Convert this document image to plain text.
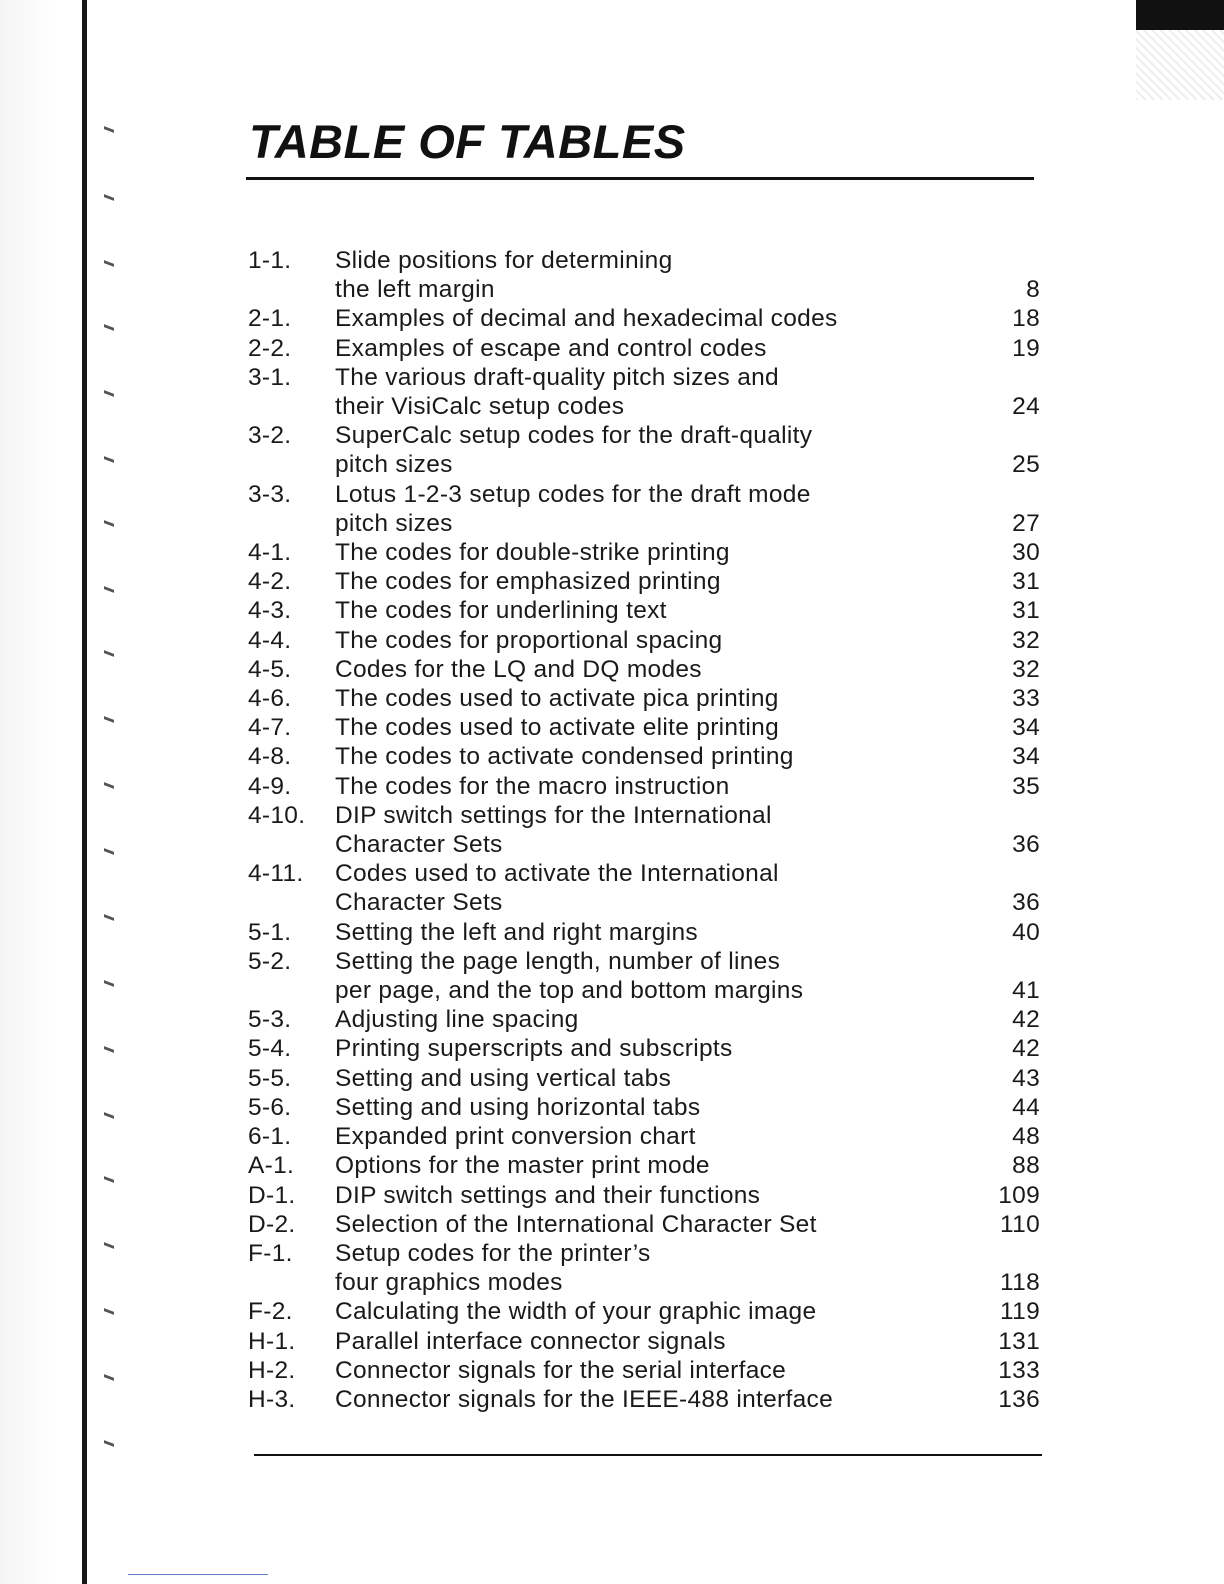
TABLE OF TABLES
1-1.	Slide positions for determining
the left margin	8
2-1.	Examples of decimal and hexadecimal codes	18
2-2.	Examples of escape and control codes	19
3-1.	The various draft-quality pitch sizes and
their VisiCalc setup codes	24
3-2.	SuperCalc setup codes for the draft-quality
pitch sizes	25
3-3.	Lotus 1-2-3 setup codes for the draft mode
pitch sizes	27
4-1.	The codes for double-strike printing	30
4-2.	The codes for emphasized printing	31
4-3.	The codes for underlining text	31
4-4.	The codes for proportional spacing	32
4-5.	Codes for the LQ and DQ modes	32
4-6.	The codes used to activate pica printing	33
4-7.	The codes used to activate elite printing	34
4-8.	The codes to activate condensed printing	34
4-9.	The codes for the macro instruction	35
4-10.	DIP switch settings for the International
Character Sets	36
4-11.	Codes used to activate the International
Character Sets	36
5-1.	Setting the left and right margins	40
5-2.	Setting the page length, number of lines
per page, and the top and bottom margins	41
5-3.	Adjusting line spacing	42
5-4.	Printing superscripts and subscripts	42
5-5.	Setting and using vertical tabs	43
5-6.	Setting and using horizontal tabs	44
6-1.	Expanded print conversion chart	48
A-1.	Options for the master print mode	88
D-1.	DIP switch settings and their functions	109
D-2.	Selection of the International Character Set	110
F-1.	Setup codes for the printer’s
four graphics modes	118
F-2.	Calculating the width of your graphic image	119
H-1.	Parallel interface connector signals	131
H-2.	Connector signals for the serial interface	133
H-3.	Connector signals for the IEEE-488 interface	136
